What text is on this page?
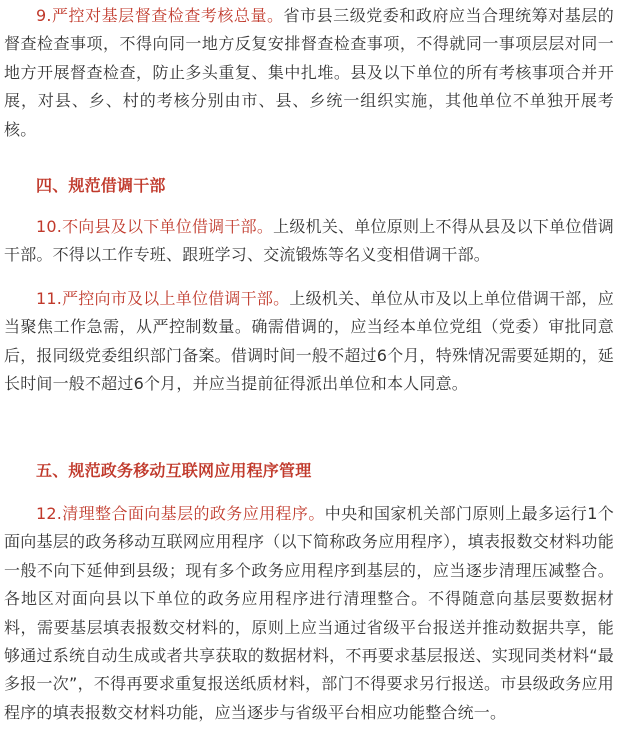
9.严控对基层督查检查考核总量。省市县三级党委和政府应当合理统筹对基层的督查检查事项，不得向同一地方反复安排督查检查事项，不得就同一事项层层对同一地方开展督查检查，防止多头重复、集中扎堆。县及以下单位的所有考核事项合并开展，对县、乡、村的考核分别由市、县、乡统一组织实施，其他单位不单独开展考核。

四、规范借调干部

10.不向县及以下单位借调干部。上级机关、单位原则上不得从县及以下单位借调干部。不得以工作专班、跟班学习、交流锻炼等名义变相借调干部。

11.严控向市及以上单位借调干部。上级机关、单位从市及以上单位借调干部，应当聚焦工作急需，从严控制数量。确需借调的，应当经本单位党组（党委）审批同意后，报同级党委组织部门备案。借调时间一般不超过6个月，特殊情况需要延期的，延长时间一般不超过6个月，并应当提前征得派出单位和本人同意。

五、规范政务移动互联网应用程序管理

12.清理整合面向基层的政务应用程序。中央和国家机关部门原则上最多运行1个面向基层的政务移动互联网应用程序（以下简称政务应用程序），填表报数交材料功能一般不向下延伸到县级；现有多个政务应用程序到基层的，应当逐步清理压减整合。各地区对面向县以下单位的政务应用程序进行清理整合。不得随意向基层要数据材料，需要基层填表报数交材料的，原则上应当通过省级平台报送并推动数据共享，能够通过系统自动生成或者共享获取的数据材料，不再要求基层报送、实现同类材料“最多报一次”，不得再要求重复报送纸质材料，部门不得要求另行报送。市县级政务应用程序的填表报数交材料功能，应当逐步与省级平台相应功能整合统一。
